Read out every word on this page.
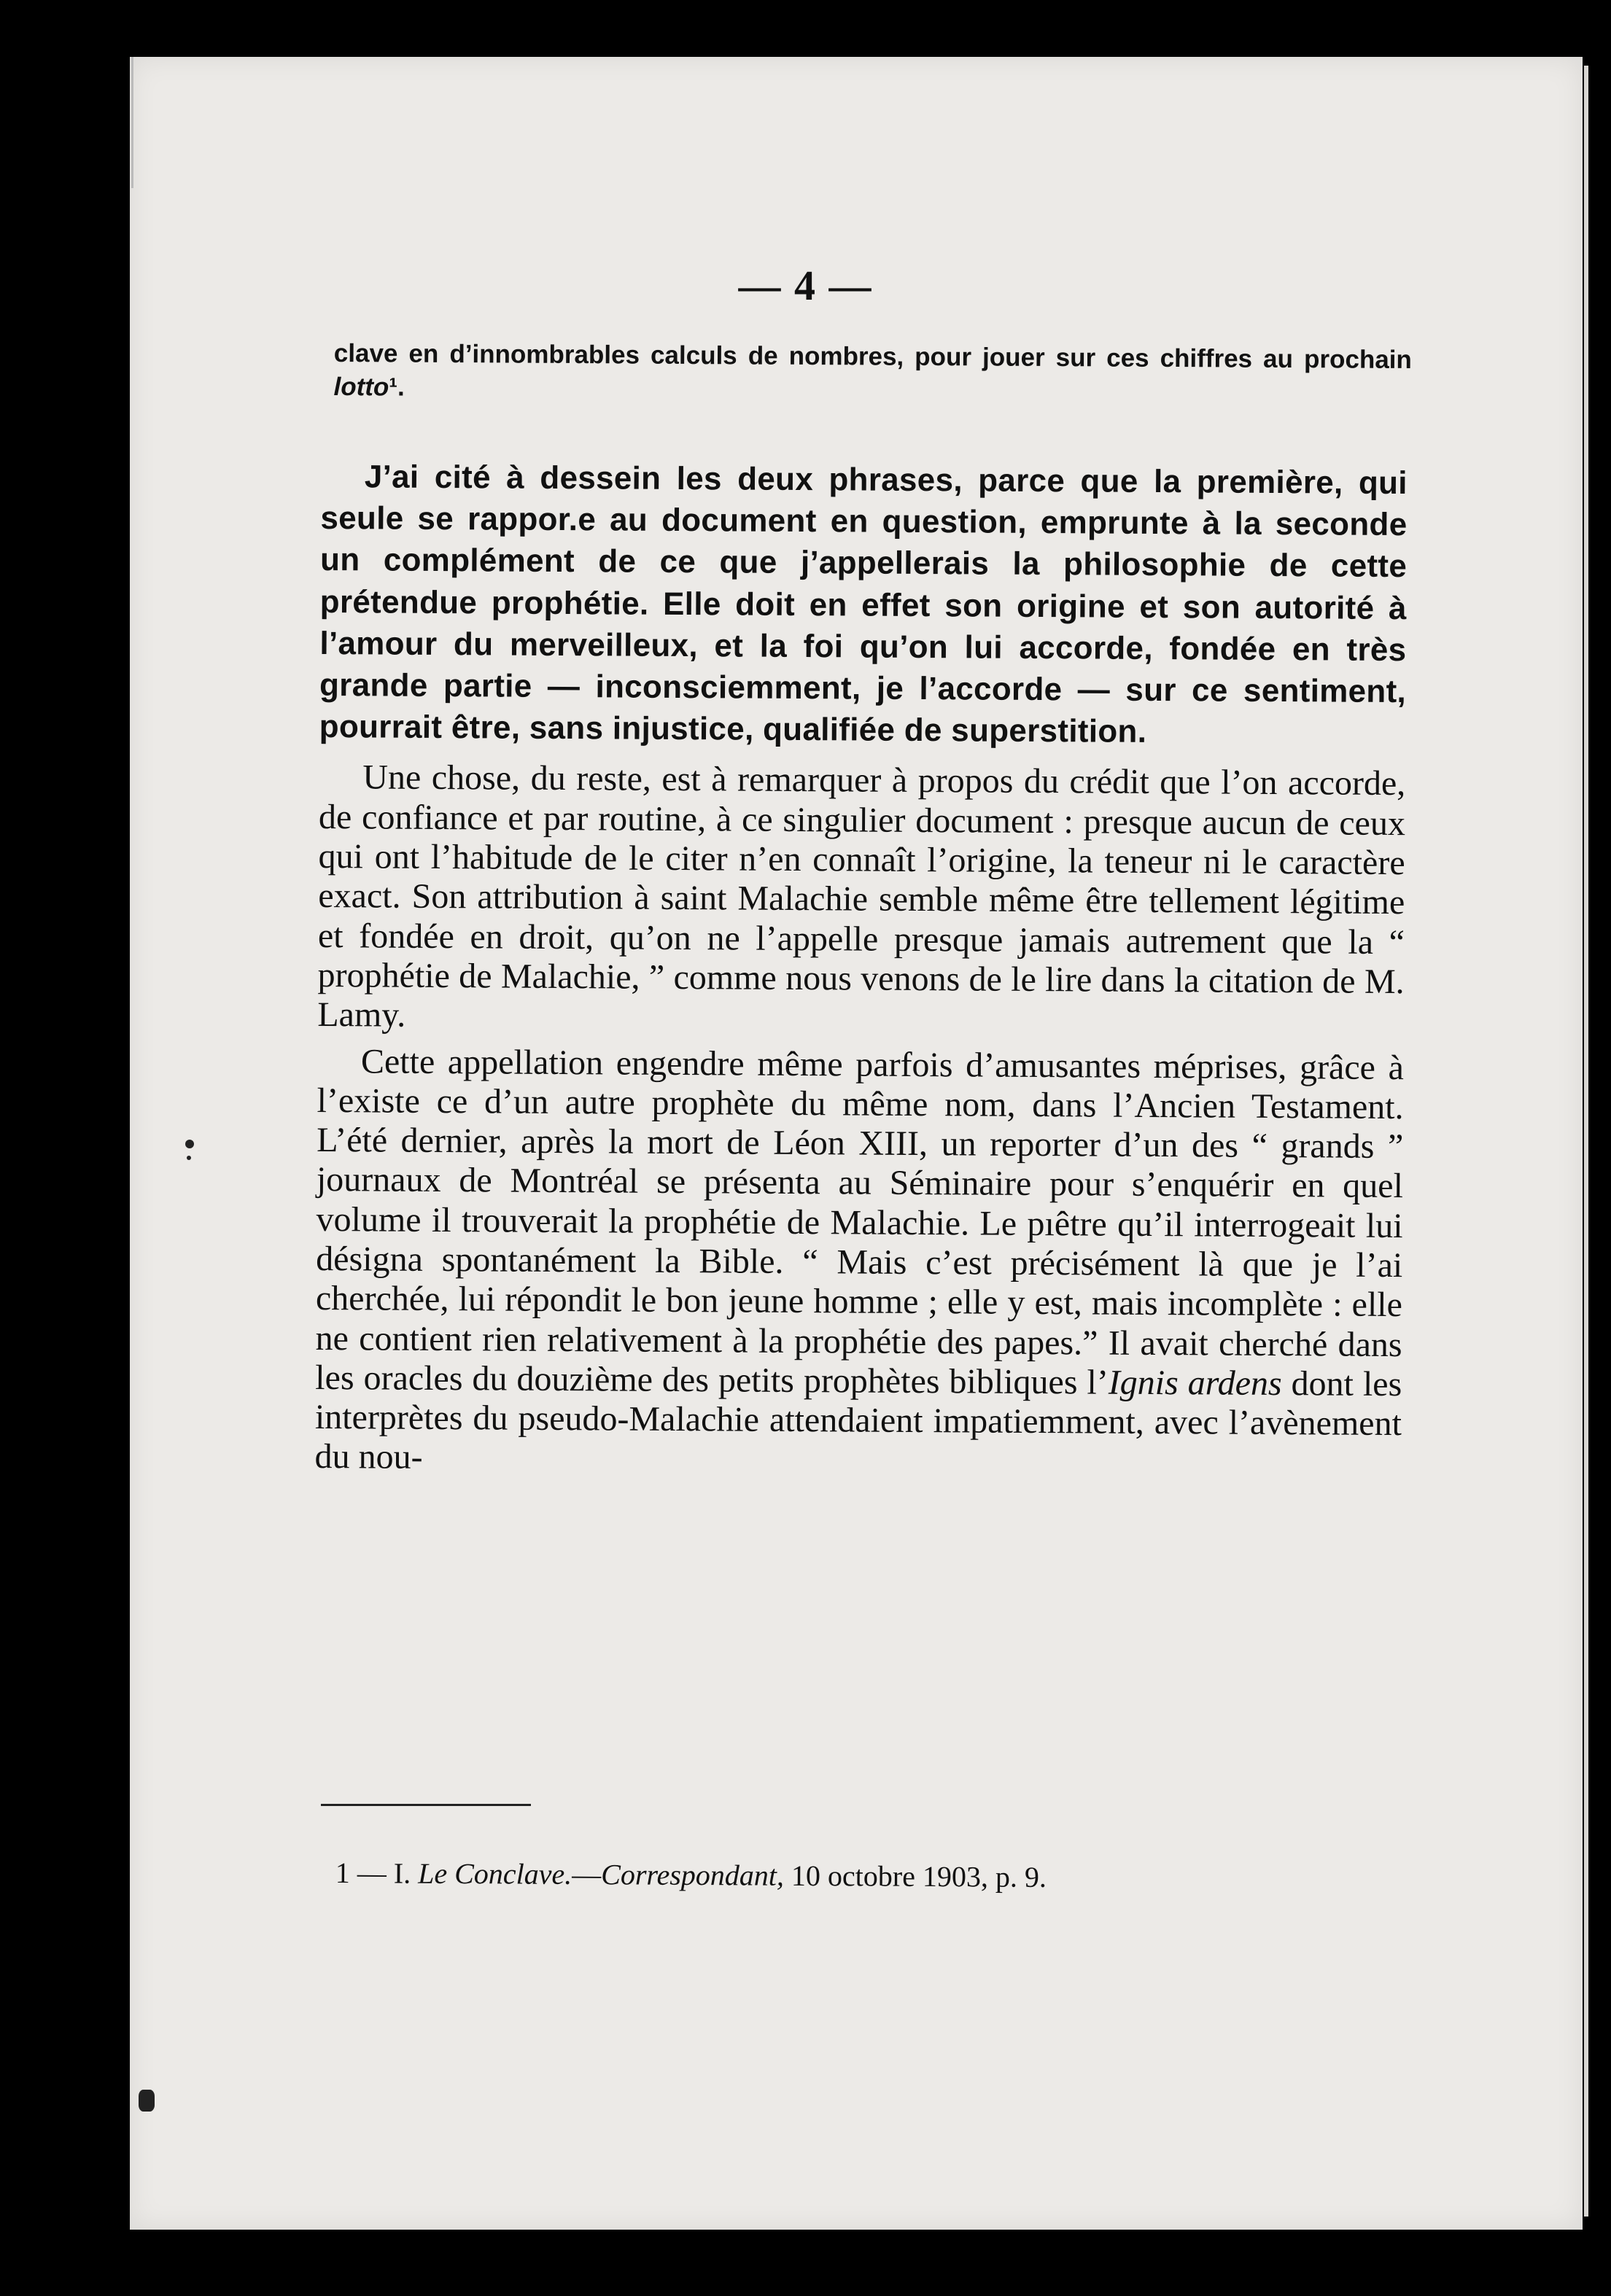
— 4 —
clave en d’innombrables calculs de nombres, pour jouer sur ces chiffres au prochain lotto¹.

J’ai cité à dessein les deux phrases, parce que la première, qui seule se rappor.e au document en question, emprunte à la seconde un complément de ce que j’appellerais la philosophie de cette prétendue prophétie. Elle doit en effet son origine et son autorité à l’amour du merveilleux, et la foi qu’on lui accorde, fondée en très grande partie — inconsciemment, je l’accorde — sur ce sentiment, pourrait être, sans injustice, qualifiée de superstition.

Une chose, du reste, est à remarquer à propos du crédit que l’on accorde, de confiance et par routine, à ce singulier document : presque aucun de ceux qui ont l’habitude de le citer n’en connaît l’origine, la teneur ni le caractère exact. Son attribution à saint Malachie semble même être tellement légitime et fondée en droit, qu’on ne l’appelle presque jamais autrement que la “ prophétie de Malachie, ” comme nous venons de le lire dans la citation de M. Lamy.

Cette appellation engendre même parfois d’amusantes méprises, grâce à l’existe ce d’un autre prophète du même nom, dans l’Ancien Testament. L’été dernier, après la mort de Léon XIII, un reporter d’un des “ grands ” journaux de Montréal se présenta au Séminaire pour s’enquérir en quel volume il trouverait la prophétie de Malachie. Le pıêtre qu’il interrogeait lui désigna spontanément la Bible. “ Mais c’est précisément là que je l’ai cherchée, lui répondit le bon jeune homme ; elle y est, mais incomplète : elle ne contient rien relativement à la prophétie des papes.” Il avait cherché dans les oracles du douzième des petits prophètes bibliques l’Ignis ardens dont les interprètes du pseudo-Malachie attendaient impatiemment, avec l’avènement du nou-

1 — I. Le Conclave.—Correspondant, 10 octobre 1903, p. 9.
